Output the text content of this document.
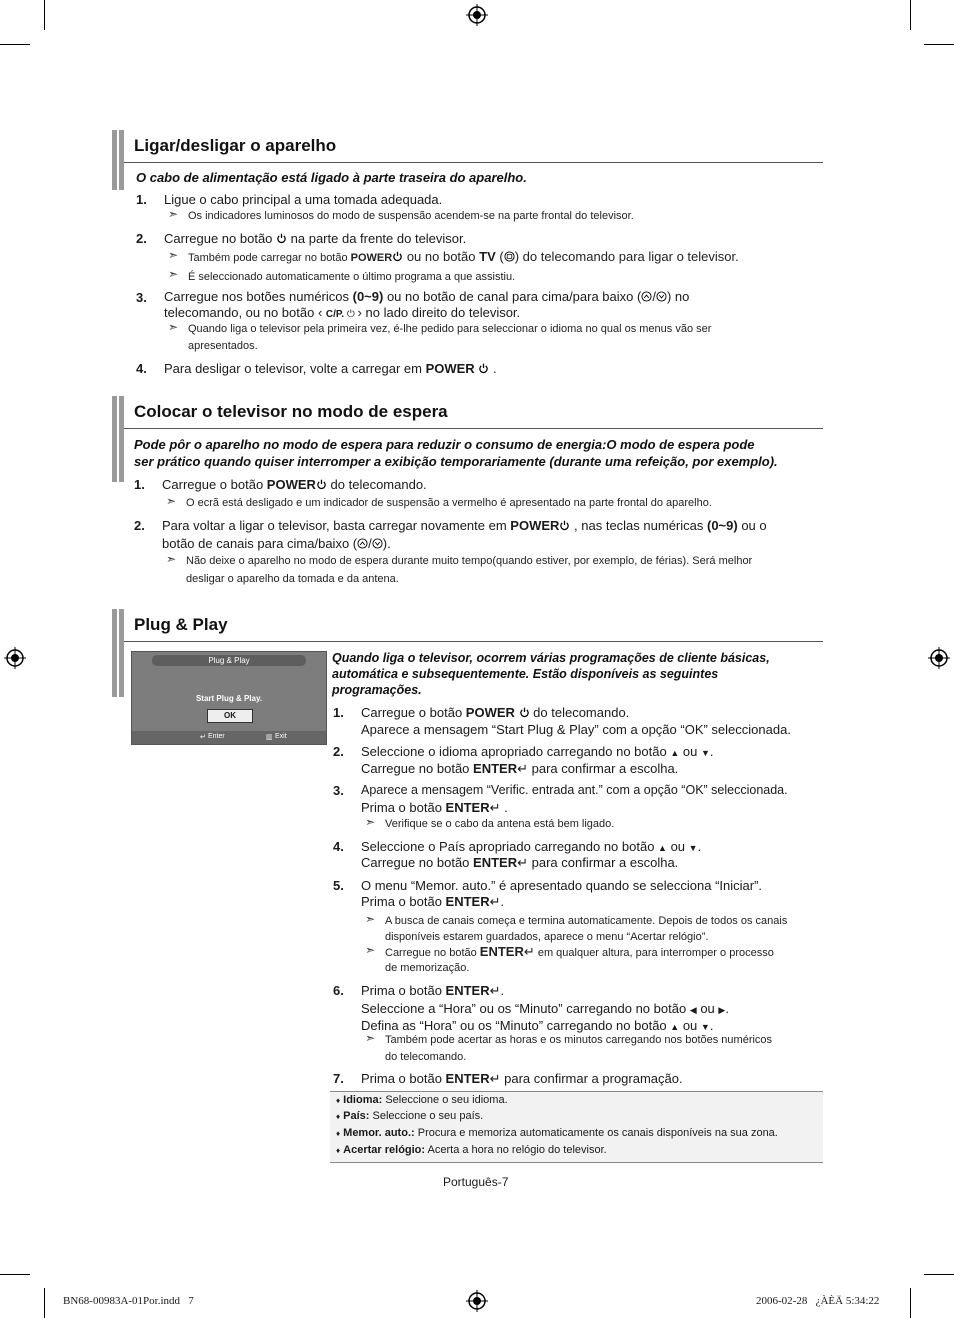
Ligar/desligar o aparelho
O cabo de alimentação está ligado à parte traseira do aparelho.
1. Ligue o cabo principal a uma tomada adequada.
➣ Os indicadores luminosos do modo de suspensão acendem-se na parte frontal do televisor.
2. Carregue no botão  na parte da frente do televisor.
➣ Também pode carregar no botão POWER ou no botão TV ( ) do telecomando para ligar o televisor.
➣ É seleccionado automaticamente o último programa a que assistiu.
3. Carregue nos botões numéricos (0~9) ou no botão de canal para cima/para baixo ( / ) no
telecomando, ou no botão ‹ C/P. ⏻ › no lado direito do televisor.
➣ Quando liga o televisor pela primeira vez, é-lhe pedido para seleccionar o idioma no qual os menus vão ser
apresentados.
4. Para desligar o televisor, volte a carregar em POWER  .
Colocar o televisor no modo de espera
Pode pôr o aparelho no modo de espera para reduzir o consumo de energia:O modo de espera pode
ser prático quando quiser interromper a exibição temporariamente (durante uma refeição, por exemplo).
1. Carregue o botão POWER do telecomando.
➣ O ecrã está desligado e um indicador de suspensão a vermelho é apresentado na parte frontal do aparelho.
2. Para voltar a ligar o televisor, basta carregar novamente em POWER , nas teclas numéricas (0~9) ou o
botão de canais para cima/baixo ( / ).
➣ Não deixe o aparelho no modo de espera durante muito tempo(quando estiver, por exemplo, de férias). Será melhor
desligar o aparelho da tomada e da antena.
Plug & Play
Plug & Play
Start Plug & Play.
OK
↵ Enter	▥ Exit
Quando liga o televisor, ocorrem várias programações de cliente básicas,
automática e subsequentemente. Estão disponíveis as seguintes
programações.
1. Carregue o botão POWER  do telecomando.
Aparece a mensagem “Start Plug & Play” com a opção “OK” seleccionada.
2. Seleccione o idioma apropriado carregando no botão ▲ ou ▼.
Carregue no botão ENTER↵ para confirmar a escolha.
3. Aparece a mensagem “Verific. entrada ant.” com a opção “OK” seleccionada.
Prima o botão ENTER↵ .
➣ Verifique se o cabo da antena está bem ligado.
4. Seleccione o País apropriado carregando no botão ▲ ou ▼.
Carregue no botão ENTER↵ para confirmar a escolha.
5. O menu “Memor. auto.” é apresentado quando se selecciona “Iniciar”.
Prima o botão ENTER↵.
➣ A busca de canais começa e termina automaticamente. Depois de todos os canais
disponíveis estarem guardados, aparece o menu “Acertar relógio”.
➣ Carregue no botão ENTER↵ em qualquer altura, para interromper o processo
de memorização.
6. Prima o botão ENTER↵.
Seleccione a “Hora” ou os “Minuto” carregando no botão ◀ ou ▶.
Defina as “Hora” ou os “Minuto” carregando no botão ▲ ou ▼.
➣ Também pode acertar as horas e os minutos carregando nos botões numéricos
do telecomando.
7. Prima o botão ENTER↵ para confirmar a programação.
♦ Idioma: Seleccione o seu idioma.
♦ País: Seleccione o seu país.
♦ Memor. auto.: Procura e memoriza automaticamente os canais disponíveis na sua zona.
♦ Acertar relógio: Acerta a hora no relógio do televisor.
Português-7
BN68-00983A-01Por.indd   7	2006-02-28   ¿ÀÈÄ 5:34:22
